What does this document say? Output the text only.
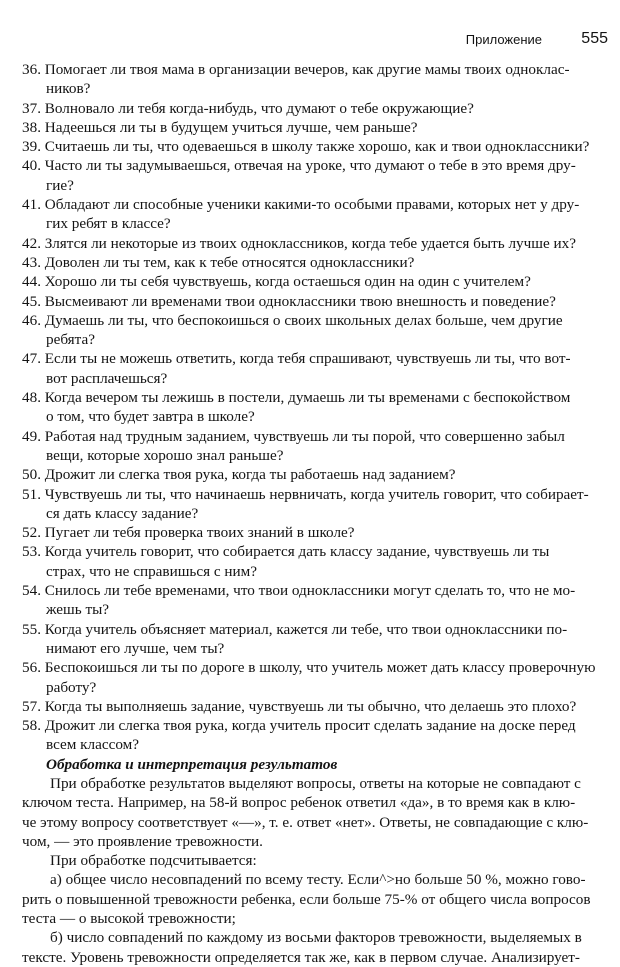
Приложение 555
36. Помогает ли твоя мама в организации вечеров, как другие мамы твоих одноклас-
ников?
37. Волновало ли тебя когда-нибудь, что думают о тебе окружающие?
38. Надеешься ли ты в будущем учиться лучше, чем раньше?
39. Считаешь ли ты, что одеваешься в школу также хорошо, как и твои одноклассники?
40. Часто ли ты задумываешься, отвечая на уроке, что думают о тебе в это время дру-
гие?
41. Обладают ли способные ученики какими-то особыми правами, которых нет у дру-
гих ребят в классе?
42. Злятся ли некоторые из твоих одноклассников, когда тебе удается быть лучше их?
43. Доволен ли ты тем, как к тебе относятся одноклассники?
44. Хорошо ли ты себя чувствуешь, когда остаешься один на один с учителем?
45. Высмеивают ли временами твои одноклассники твою внешность и поведение?
46. Думаешь ли ты, что беспокоишься о своих школьных делах больше, чем другие
ребята?
47. Если ты не можешь ответить, когда тебя спрашивают, чувствуешь ли ты, что вот-
вот расплачешься?
48. Когда вечером ты лежишь в постели, думаешь ли ты временами с беспокойством
о том, что будет завтра в школе?
49. Работая над трудным заданием, чувствуешь ли ты порой, что совершенно забыл
вещи, которые хорошо знал раньше?
50. Дрожит ли слегка твоя рука, когда ты работаешь над заданием?
51. Чувствуешь ли ты, что начинаешь нервничать, когда учитель говорит, что собирает-
ся дать классу задание?
52. Пугает ли тебя проверка твоих знаний в школе?
53. Когда учитель говорит, что собирается дать классу задание, чувствуешь ли ты
страх, что не справишься с ним?
54. Снилось ли тебе временами, что твои одноклассники могут сделать то, что не мо-
жешь ты?
55. Когда учитель объясняет материал, кажется ли тебе, что твои одноклассники по-
нимают его лучше, чем ты?
56. Беспокоишься ли ты по дороге в школу, что учитель может дать классу проверочную
работу?
57. Когда ты выполняешь задание, чувствуешь ли ты обычно, что делаешь это плохо?
58. Дрожит ли слегка твоя рука, когда учитель просит сделать задание на доске перед
всем классом?
Обработка и интерпретация результатов
При обработке результатов выделяют вопросы, ответы на которые не совпадают с
ключом теста. Например, на 58-й вопрос ребенок ответил «да», в то время как в клю-
че этому вопросу соответствует «—», т. е. ответ «нет». Ответы, не совпадающие с клю-
чом, — это проявление тревожности.
При обработке подсчитывается:
а) общее число несовпадений по всему тесту. Если^>но больше 50 %, можно гово-
рить о повышенной тревожности ребенка, если больше 75-% от общего числа вопросов
теста — о высокой тревожности;
б) число совпадений по каждому из восьми факторов тревожности, выделяемых в
тексте. Уровень тревожности определяется так же, как в первом случае. Анализирует-
